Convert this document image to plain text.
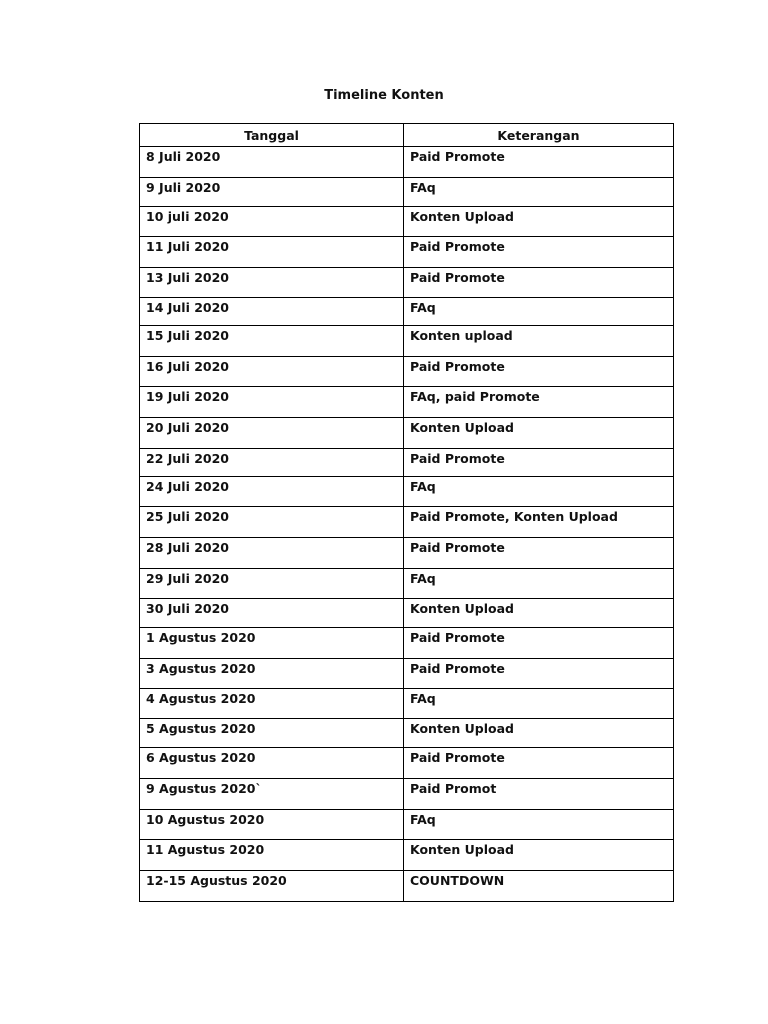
Timeline Konten
Tanggal	Keterangan
8 Juli 2020	Paid Promote
9 Juli 2020	FAq
10 juli 2020	Konten Upload
11 Juli 2020	Paid Promote
13 Juli 2020	Paid Promote
14 Juli 2020	FAq
15 Juli 2020	Konten upload
16 Juli 2020	Paid Promote
19 Juli 2020	FAq, paid Promote
20 Juli 2020	Konten Upload
22 Juli 2020	Paid Promote
24 Juli 2020	FAq
25 Juli 2020	Paid Promote, Konten Upload
28 Juli 2020	Paid Promote
29 Juli 2020	FAq
30 Juli 2020	Konten Upload
1 Agustus 2020	Paid Promote
3 Agustus 2020	Paid Promote
4 Agustus 2020	FAq
5 Agustus 2020	Konten Upload
6 Agustus 2020	Paid Promote
9 Agustus 2020`	Paid Promot
10 Agustus 2020	FAq
11 Agustus 2020	Konten Upload
12-15 Agustus 2020	COUNTDOWN
